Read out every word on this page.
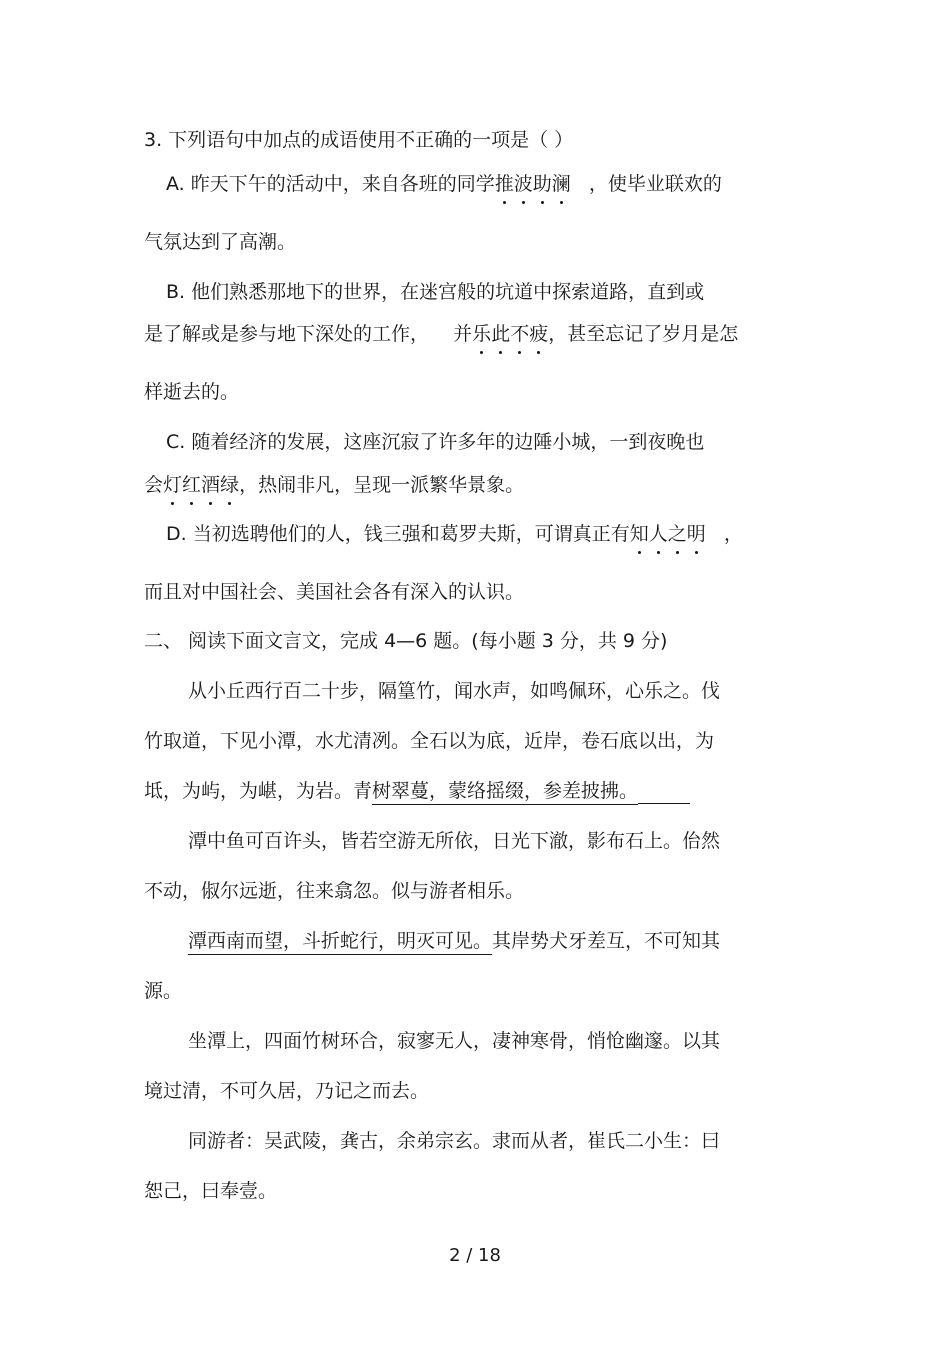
3. 下列语句中加点的成语使用不正确的一项是（ ）
A. 昨天下午的活动中，来自各班的同学推波助澜   ，使毕业联欢的
气氛达到了高潮。
B. 他们熟悉那地下的世界，在迷宫般的坑道中探索道路，直到或
是了解或是参与地下深处的工作，    并乐此不疲，甚至忘记了岁月是怎
样逝去的。
C. 随着经济的发展，这座沉寂了许多年的边陲小城，一到夜晚也
会灯红酒绿，热闹非凡，呈现一派繁华景象。
D. 当初选聘他们的人，钱三强和葛罗夫斯，可谓真正有知人之明   ，
而且对中国社会、美国社会各有深入的认识。
二、 阅读下面文言文，完成 4—6 题。(每小题 3 分，共 9 分)
从小丘西行百二十步，隔篁竹，闻水声，如鸣佩环，心乐之。伐
竹取道，下见小潭，水尤清冽。全石以为底，近岸，卷石底以出，为
坻，为屿，为嵁，为岩。青树翠蔓，蒙络摇缀，参差披拂。
潭中鱼可百许头，皆若空游无所依，日光下澈，影布石上。佁然
不动，俶尔远逝，往来翕忽。似与游者相乐。
潭西南而望，斗折蛇行，明灭可见。其岸势犬牙差互，不可知其
源。
坐潭上，四面竹树环合，寂寥无人，凄神寒骨，悄怆幽邃。以其
境过清，不可久居，乃记之而去。
同游者：吴武陵，龚古，余弟宗玄。隶而从者，崔氏二小生：曰
恕己，曰奉壹。
2 / 18
